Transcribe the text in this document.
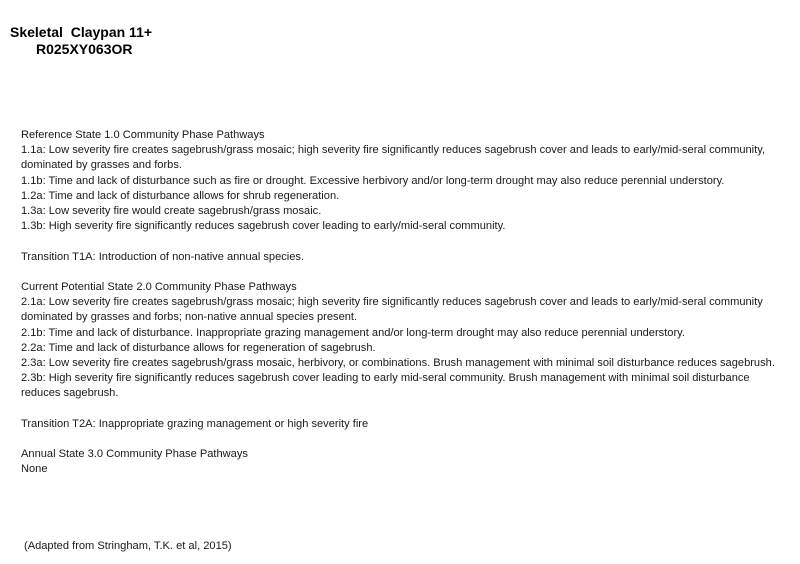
Skeletal  Claypan 11+
R025XY063OR
Reference State 1.0 Community Phase Pathways
1.1a: Low severity fire creates sagebrush/grass mosaic; high severity fire significantly reduces sagebrush cover and leads to early/mid-seral community, dominated by grasses and forbs.
1.1b: Time and lack of disturbance such as fire or drought. Excessive herbivory and/or long-term drought may also reduce perennial understory.
1.2a: Time and lack of disturbance allows for shrub regeneration.
1.3a: Low severity fire would create sagebrush/grass mosaic.
1.3b: High severity fire significantly reduces sagebrush cover leading to early/mid-seral community.
Transition T1A: Introduction of non-native annual species.
Current Potential State 2.0 Community Phase Pathways
2.1a: Low severity fire creates sagebrush/grass mosaic; high severity fire significantly reduces sagebrush cover and leads to early/mid-seral community dominated by grasses and forbs; non-native annual species present.
2.1b: Time and lack of disturbance. Inappropriate grazing management and/or long-term drought may also reduce perennial understory.
2.2a: Time and lack of disturbance allows for regeneration of sagebrush.
2.3a: Low severity fire creates sagebrush/grass mosaic, herbivory, or combinations. Brush management with minimal soil disturbance reduces sagebrush.
2.3b: High severity fire significantly reduces sagebrush cover leading to early mid-seral community. Brush management with minimal soil disturbance reduces sagebrush.
Transition T2A: Inappropriate grazing management or high severity fire
Annual State 3.0 Community Phase Pathways
None
(Adapted from Stringham, T.K. et al, 2015)
